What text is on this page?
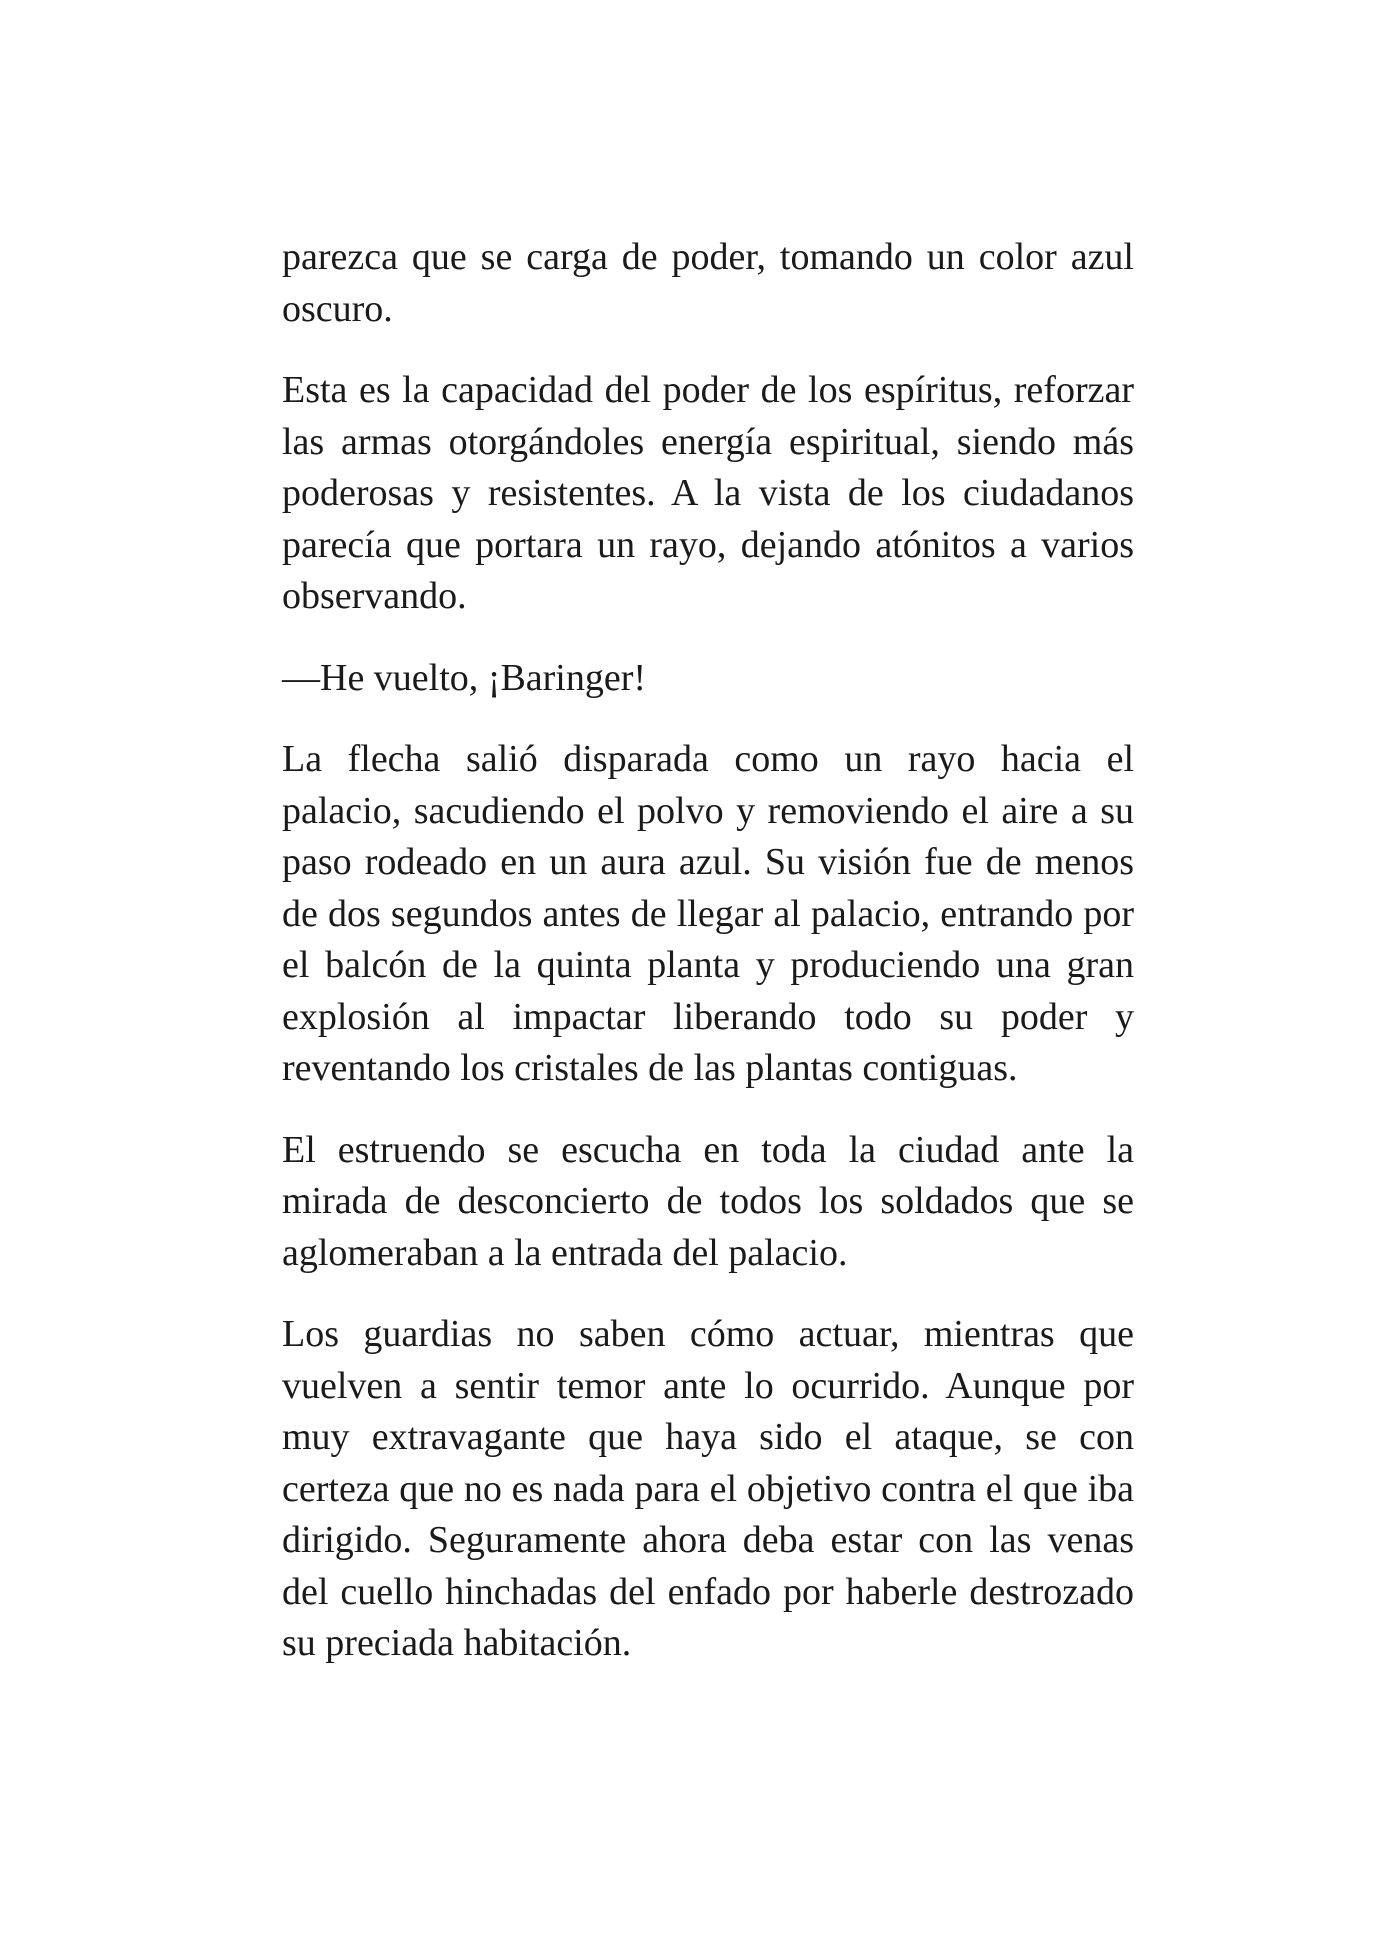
parezca que se carga de poder, tomando un color azul oscuro.

Esta es la capacidad del poder de los espíritus, reforzar las armas otorgándoles energía espiritual, siendo más poderosas y resistentes. A la vista de los ciudadanos parecía que portara un rayo, dejando atónitos a varios observando.

—He vuelto, ¡Baringer!

La flecha salió disparada como un rayo hacia el palacio, sacudiendo el polvo y removiendo el aire a su paso rodeado en un aura azul. Su visión fue de menos de dos segundos antes de llegar al palacio, entrando por el balcón de la quinta planta y produciendo una gran explosión al impactar liberando todo su poder y reventando los cristales de las plantas contiguas.

El estruendo se escucha en toda la ciudad ante la mirada de desconcierto de todos los soldados que se aglomeraban a la entrada del palacio.

Los guardias no saben cómo actuar, mientras que vuelven a sentir temor ante lo ocurrido. Aunque por muy extravagante que haya sido el ataque, se con certeza que no es nada para el objetivo contra el que iba dirigido. Seguramente ahora deba estar con las venas del cuello hinchadas del enfado por haberle destrozado su preciada habitación.
